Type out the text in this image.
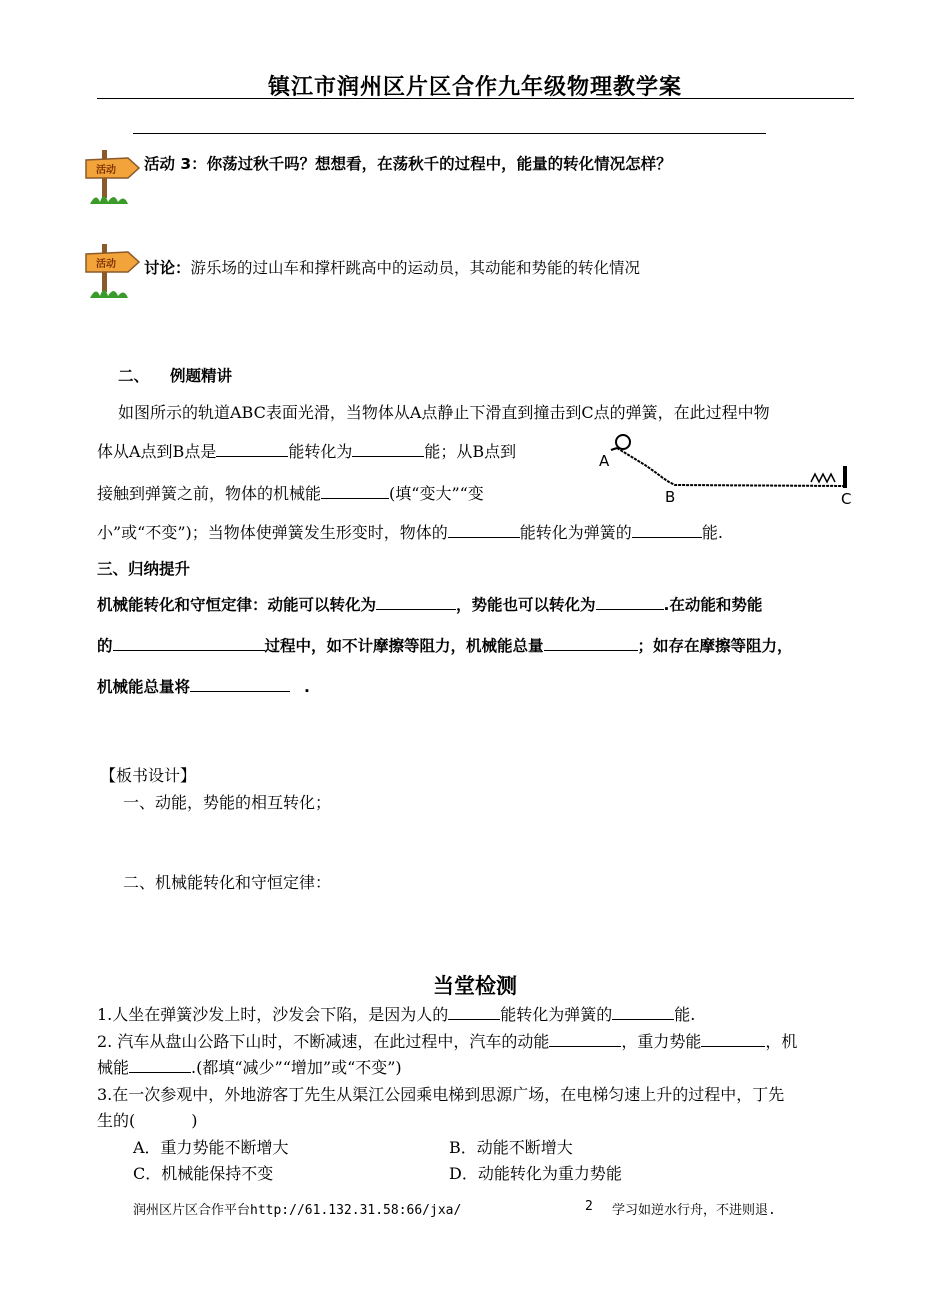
镇江市润州区片区合作九年级物理教学案
活动 活动 3：你荡过秋千吗？想想看，在荡秋千的过程中，能量的转化情况怎样？
活动 讨论：游乐场的过山车和撑杆跳高中的运动员，其动能和势能的转化情况
二、 例题精讲
如图所示的轨道ABC表面光滑，当物体从A点静止下滑直到撞击到C点的弹簧，在此过程中物
体从A点到B点是	能转化为	能；从B点到
接触到弹簧之前，物体的机械能	(填“变大”“变
小”或“不变”)；当物体使弹簧发生形变时，物体的	能转化为弹簧的	能.
A
B	C
三、归纳提升
机械能转化和守恒定律：动能可以转化为	，势能也可以转化为	.在动能和势能
的	过程中，如不计摩擦等阻力，机械能总量	；如存在摩擦等阻力，
机械能总量将	.
【板书设计】
一、动能，势能的相互转化；
二、机械能转化和守恒定律：
当堂检测
1.人坐在弹簧沙发上时，沙发会下陷，是因为人的	能转化为弹簧的	能.
2. 汽车从盘山公路下山时，不断减速，在此过程中，汽车的动能	，重力势能	，机
械能	.(都填“减少”“增加”或“不变”)
3.在一次参观中，外地游客丁先生从渠江公园乘电梯到思源广场，在电梯匀速上升的过程中，丁先
生的(	)
A．重力势能不断增大	B．动能不断增大
C．机械能保持不变	D．动能转化为重力势能
润州区片区合作平台http://61.132.31.58:66/jxa/	2 学习如逆水行舟，不进则退.
